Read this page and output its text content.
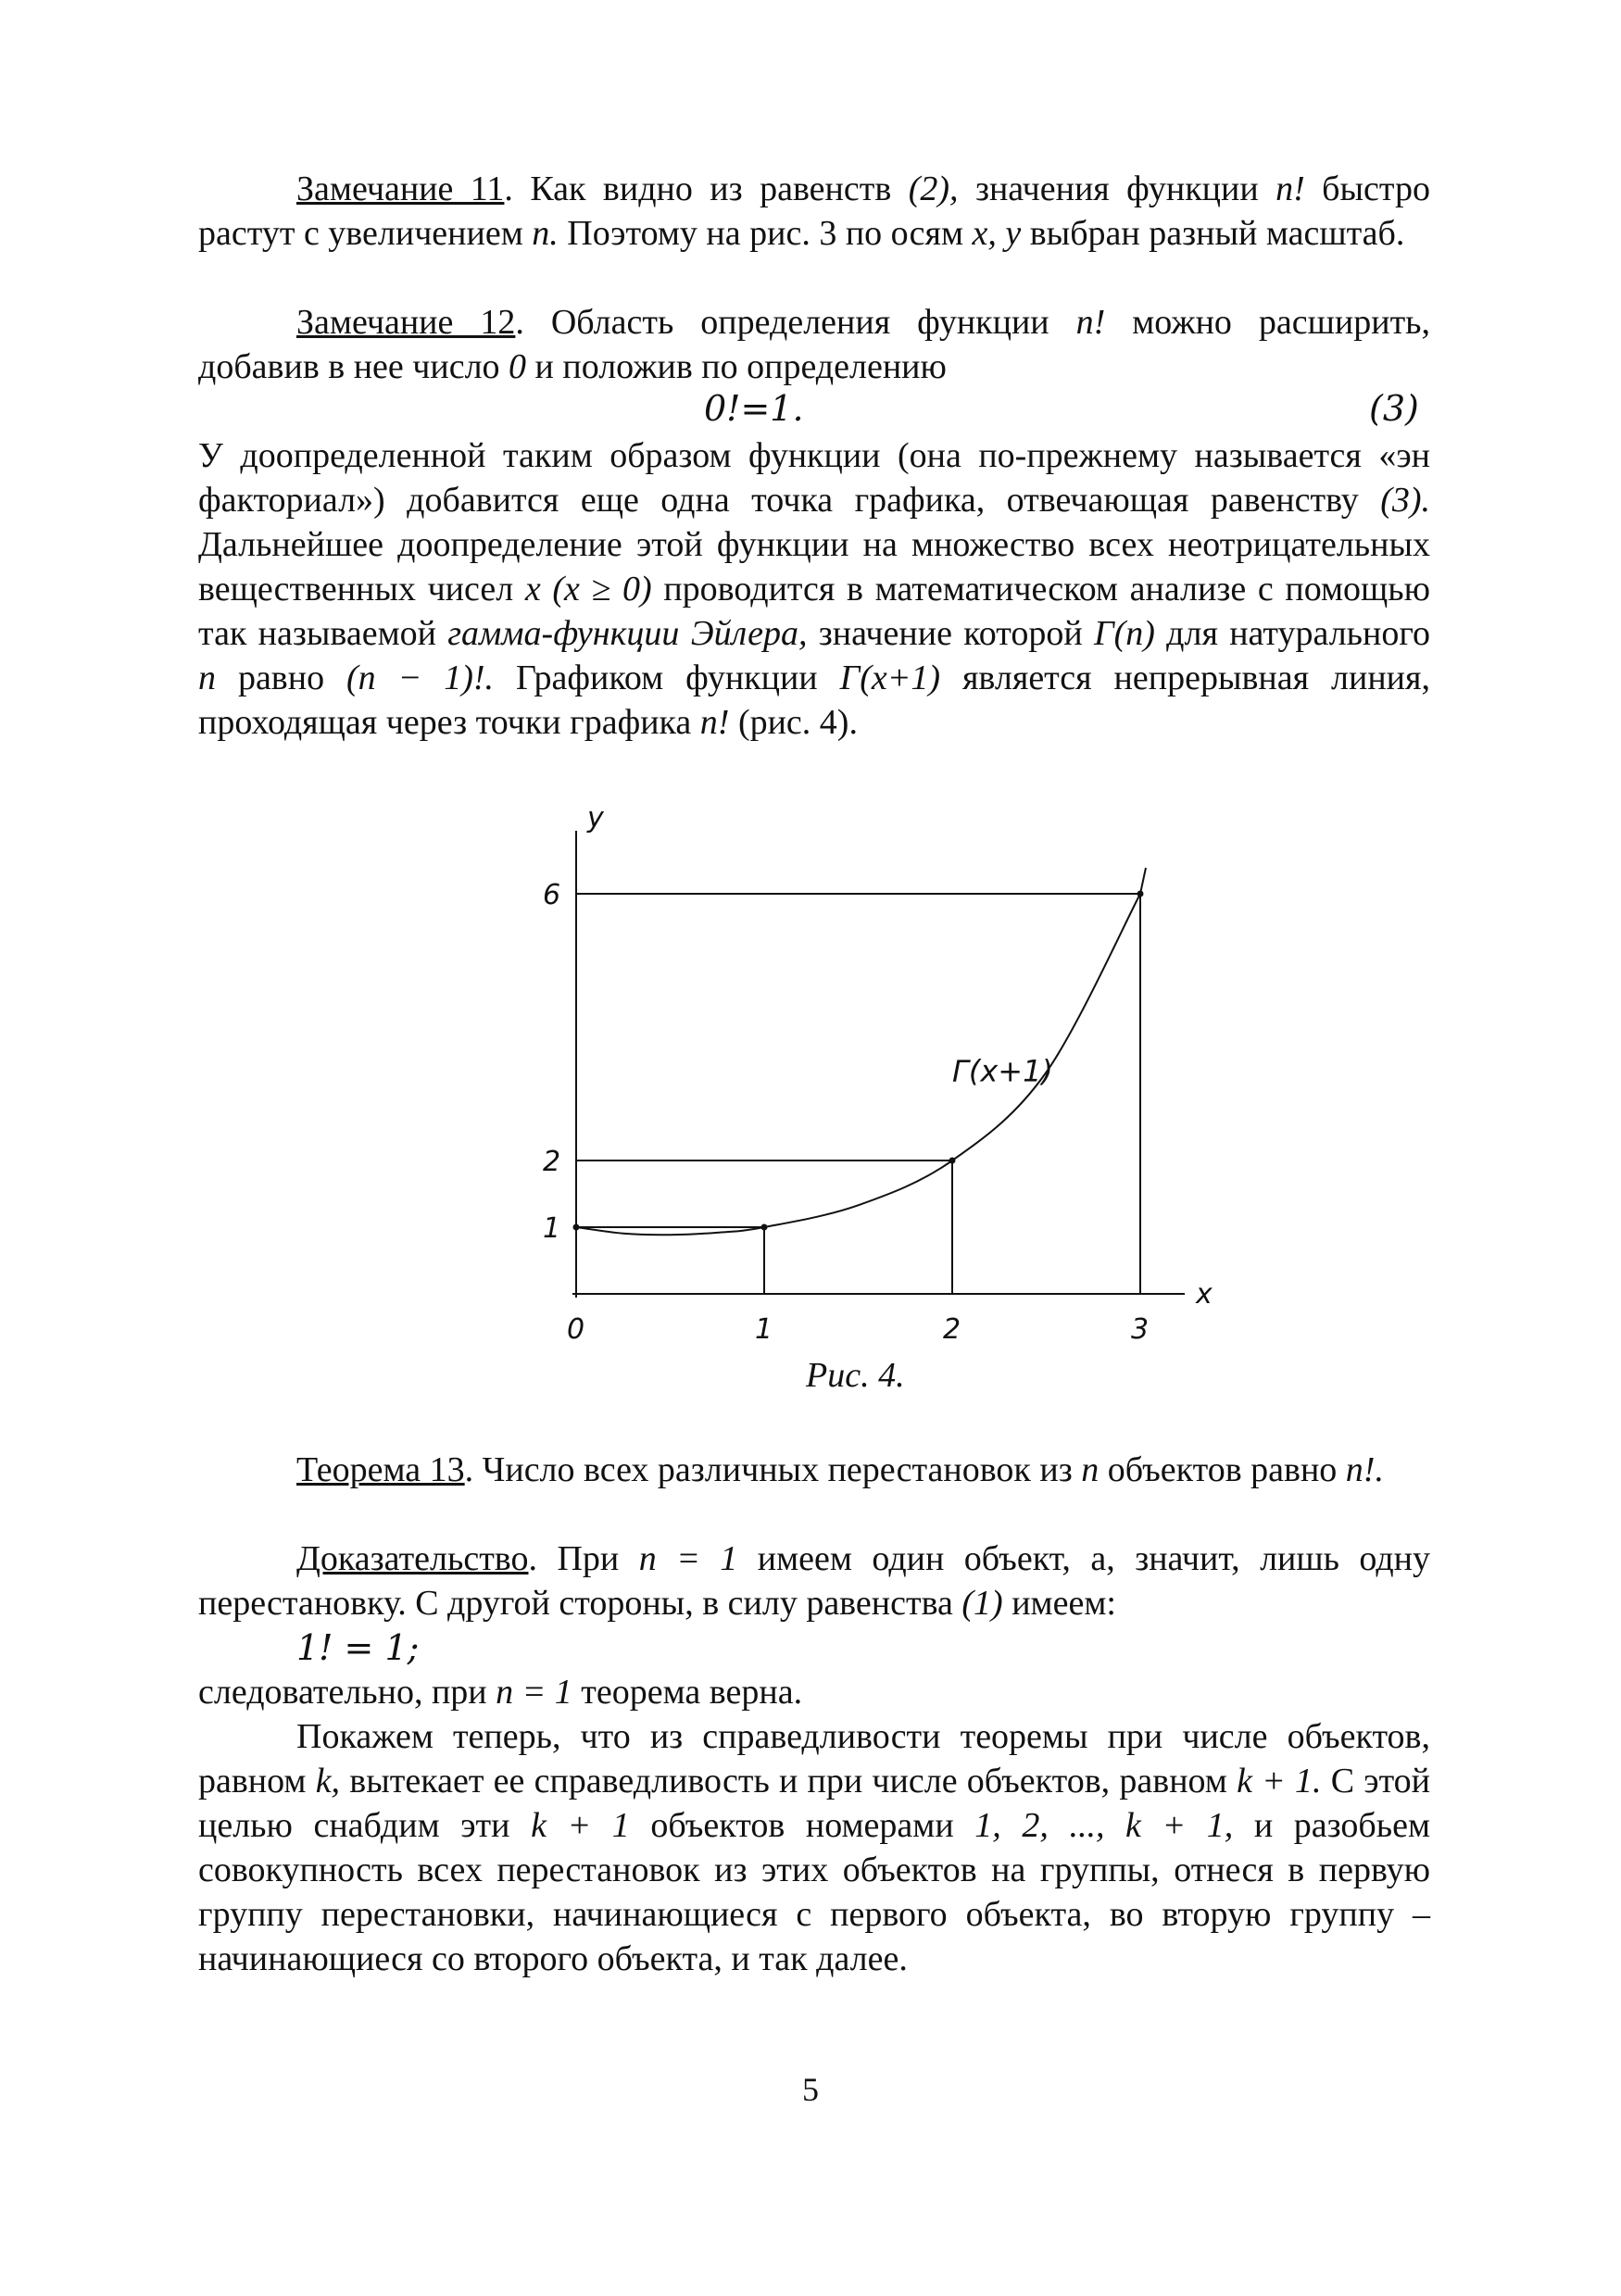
Замечание 11. Как видно из равенств (2), значения функции n! быстро растут с увеличением n. Поэтому на рис. 3 по осям x, y выбран разный масштаб.
Замечание 12. Область определения функции n! можно расширить, добавив в нее число 0 и положив по определению
0!=1.	(3)
У доопределенной таким образом функции (она по-прежнему называется «эн факториал») добавится еще одна точка графика, отвечающая равенству (3). Дальнейшее доопределение этой функции на множество всех неотрицательных вещественных чисел x (x ≥ 0) проводится в математическом анализе с помощью так называемой гамма-функции Эйлера, значение которой Γ(n) для натурального n равно (n − 1)!. Графиком функции Γ(x+1) является непрерывная линия, проходящая через точки графика n! (рис. 4).
y
x
0	1	2	3
1
2
6
Γ(x+1)
Рис. 4.
Теорема 13. Число всех различных перестановок из n объектов равно n!.
Доказательство. При n = 1 имеем один объект, а, значит, лишь одну перестановку. С другой стороны, в силу равенства (1) имеем:
1! = 1;
следовательно, при n = 1 теорема верна.
Покажем теперь, что из справедливости теоремы при числе объектов, равном k, вытекает ее справедливость и при числе объектов, равном k + 1. С этой целью снабдим эти k + 1 объектов номерами 1, 2, ..., k + 1, и разобьем совокупность всех перестановок из этих объектов на группы, отнеся в первую группу перестановки, начинающиеся с первого объекта, во вторую группу – начинающиеся со второго объекта, и так далее.
5
